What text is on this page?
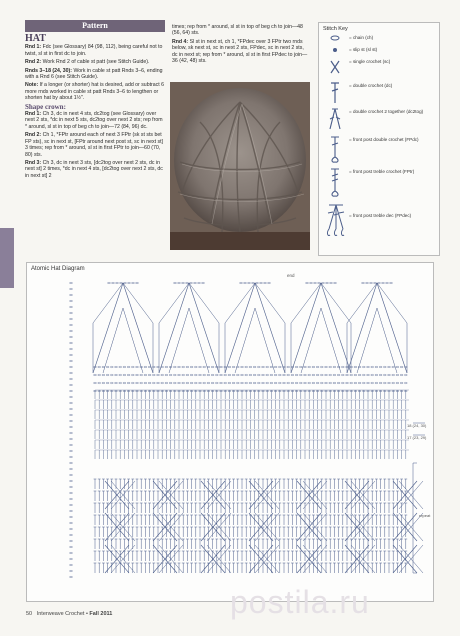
Pattern
HAT

Rnd 1: Fdc (see Glossary) 84 (98, 112), being careful not to twist, sl st in first dc to join.

Rnd 2: Work Rnd 2 of cable st patt (see Stitch Guide).

Rnds 3–18 (24, 30): Work in cable st patt Rnds 3–6, ending with a Rnd 6 (see Stitch Guide).

Note: If a longer (or shorter) hat is desired, add or subtract 6 more rnds worked in cable st patt Rnds 3–6 to lengthen or shorten hat by about 1½".

Shape crown:

Rnd 1: Ch 3, dc in next 4 sts, dc2tog (see Glossary) over next 2 sts, *dc in next 5 sts, dc2tog over next 2 sts; rep from * around, sl st in top of beg ch to join—72 (84, 96) dc.

Rnd 2: Ch 1, *FPtr around each of next 3 FPtr (sk st sts bet FP sts), sc in next st, [FPtr around next post st, sc in next st] 3 times; rep from * around, sl st in first FPtr to join—60 (70, 80) sts.

Rnd 3: Ch 3, dc in next 3 sts, [dc2tog over next 2 sts, dc in next st] 2 times, *dc in next 4 sts, [dc2tog over next 2 sts, dc in next st] 2

times; rep from * around, sl st in top of beg ch to join—48 (56, 64) sts.

Rnd 4: Sl st in next st, ch 1, *FPdec over 3 FPtr two rnds below, sk next st, sc in next 2 sts, FPdec, sc in next 2 sts, dc in next st; rep from * around, sl st in first FPdec to join—36 (42, 48) sts.

Stitch Key
= chain (ch)
= slip st (sl st)
= single crochet (sc)
= double crochet (dc)
= double crochet 2 together (dc2tog)
= front post double crochet (FPdc)
= front post treble crochet (FPtr)
= front post treble dec (FPdec)
Atomic Hat Diagram
end
18 (24, 30)
17 (23, 29)
repeat
50 Interweave Crochet • Fall 2011	postila.ru
